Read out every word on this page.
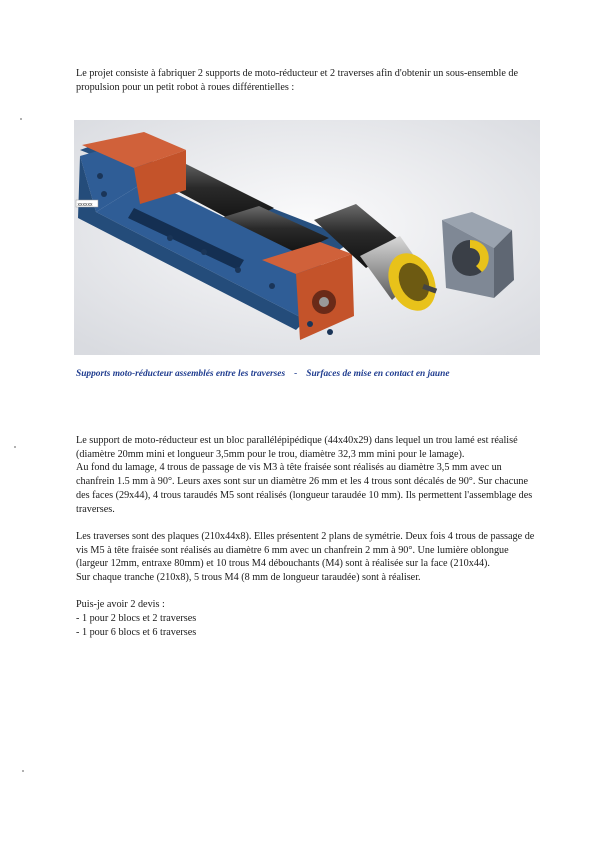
Le projet consiste à fabriquer 2 supports de moto-réducteur et 2 traverses afin d'obtenir un sous-ensemble de propulsion pour un petit robot à roues différentielles :

xxxxxx
Supports moto-réducteur assemblés entre les traverses - Surfaces de mise en contact en jaune

Le support de moto-réducteur est un bloc parallélépipédique (44x40x29) dans lequel un trou lamé est réalisé (diamètre 20mm mini et longueur 3,5mm pour le trou, diamètre 32,3 mm mini pour le lamage).
Au fond du lamage, 4 trous de passage de vis M3 à tête fraisée sont réalisés au diamètre 3,5 mm avec un chanfrein 1.5 mm à 90°. Leurs axes sont sur un diamètre 26 mm et les 4 trous sont décalés de 90°. Sur chacune des faces (29x44), 4 trous taraudés M5 sont réalisés (longueur taraudée 10 mm). Ils permettent l'assemblage des traverses.

Les traverses sont des plaques (210x44x8). Elles présentent 2 plans de symétrie. Deux fois 4 trous de passage de vis M5 à tête fraisée sont réalisés au diamètre 6 mm avec un chanfrein 2 mm à 90°. Une lumière oblongue (largeur 12mm, entraxe 80mm) et 10 trous M4 débouchants (M4) sont à réalisée sur la face (210x44).
Sur chaque tranche (210x8), 5 trous M4 (8 mm de longueur taraudée) sont à réaliser.

Puis-je avoir 2 devis :
- 1 pour 2 blocs et 2 traverses
- 1 pour 6 blocs et 6 traverses
